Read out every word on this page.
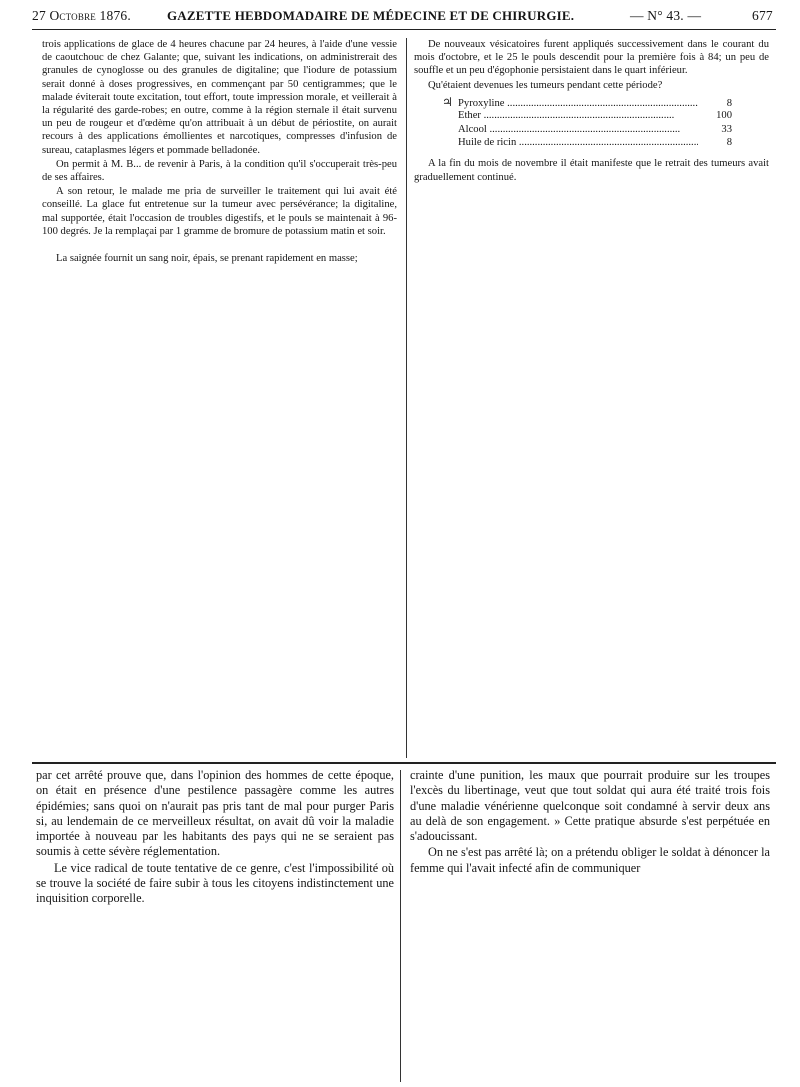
27 Octobre 1876.	GAZETTE HEBDOMADAIRE DE MÉDECINE ET DE CHIRURGIE.	— N° 43. —	677

trois applications de glace de 4 heures chacune par 24 heures, à l'aide d'une vessie de caoutchouc de chez Galante; que, suivant les indications, on administrerait des granules de cynoglosse ou des granules de digitaline; que l'iodure de potassium serait donné à doses progressives, en commençant par 50 centigrammes; que le malade éviterait toute excitation, tout effort, toute impression morale, et veillerait à la régularité des garde-robes; en outre, comme à la région sternale il était survenu un peu de rougeur et d'œdème qu'on attribuait à un début de périostite, on aurait recours à des applications émollientes et narcotiques, compresses d'infusion de sureau, cataplasmes légers et pommade belladonée.

On permit à M. B... de revenir à Paris, à la condition qu'il s'occuperait très-peu de ses affaires.

A son retour, le malade me pria de surveiller le traitement qui lui avait été conseillé. La glace fut entretenue sur la tumeur avec persévérance; la digitaline, mal supportée, était l'occasion de troubles digestifs, et le pouls se maintenait à 96-100 degrés. Je la remplaçai par 1 gramme de bromure de potassium matin et soir.

La saignée fournit un sang noir, épais, se prenant rapidement en masse;

De nouveaux vésicatoires furent appliqués successivement dans le courant du mois d'octobre, et le 25 le pouls descendit pour la première fois à 84; un peu de souffle et un peu d'égophonie persistaient dans le quart inférieur.

Qu'étaient devenues les tumeurs pendant cette période?

♃ Pyroxyline .....	8
Ether .....	100
Alcool .....	33
Huile de ricin .....	8

A la fin du mois de novembre il était manifeste que le retrait des tumeurs avait graduellement continué.

par cet arrêté prouve que, dans l'opinion des hommes de cette époque, on était en présence d'une pestilence passagère comme les autres épidémies; sans quoi on n'aurait pas pris tant de mal pour purger Paris si, au lendemain de ce merveilleux résultat, on avait dû voir la maladie importée à nouveau par les habitants des pays qui ne se seraient pas soumis à cette sévère réglementation.

Le vice radical de toute tentative de ce genre, c'est l'impossibilité où se trouve la société de faire subir à tous les citoyens indistinctement une inquisition corporelle.

crainte d'une punition, les maux que pourrait produire sur les troupes l'excès du libertinage, veut que tout soldat qui aura été traité trois fois d'une maladie vénérienne quelconque soit condamné à servir deux ans au delà de son engagement. » Cette pratique absurde s'est perpétuée en s'adoucissant.

On ne s'est pas arrêté là; on a prétendu obliger le soldat à dénoncer la femme qui l'avait infecté afin de communiquer
